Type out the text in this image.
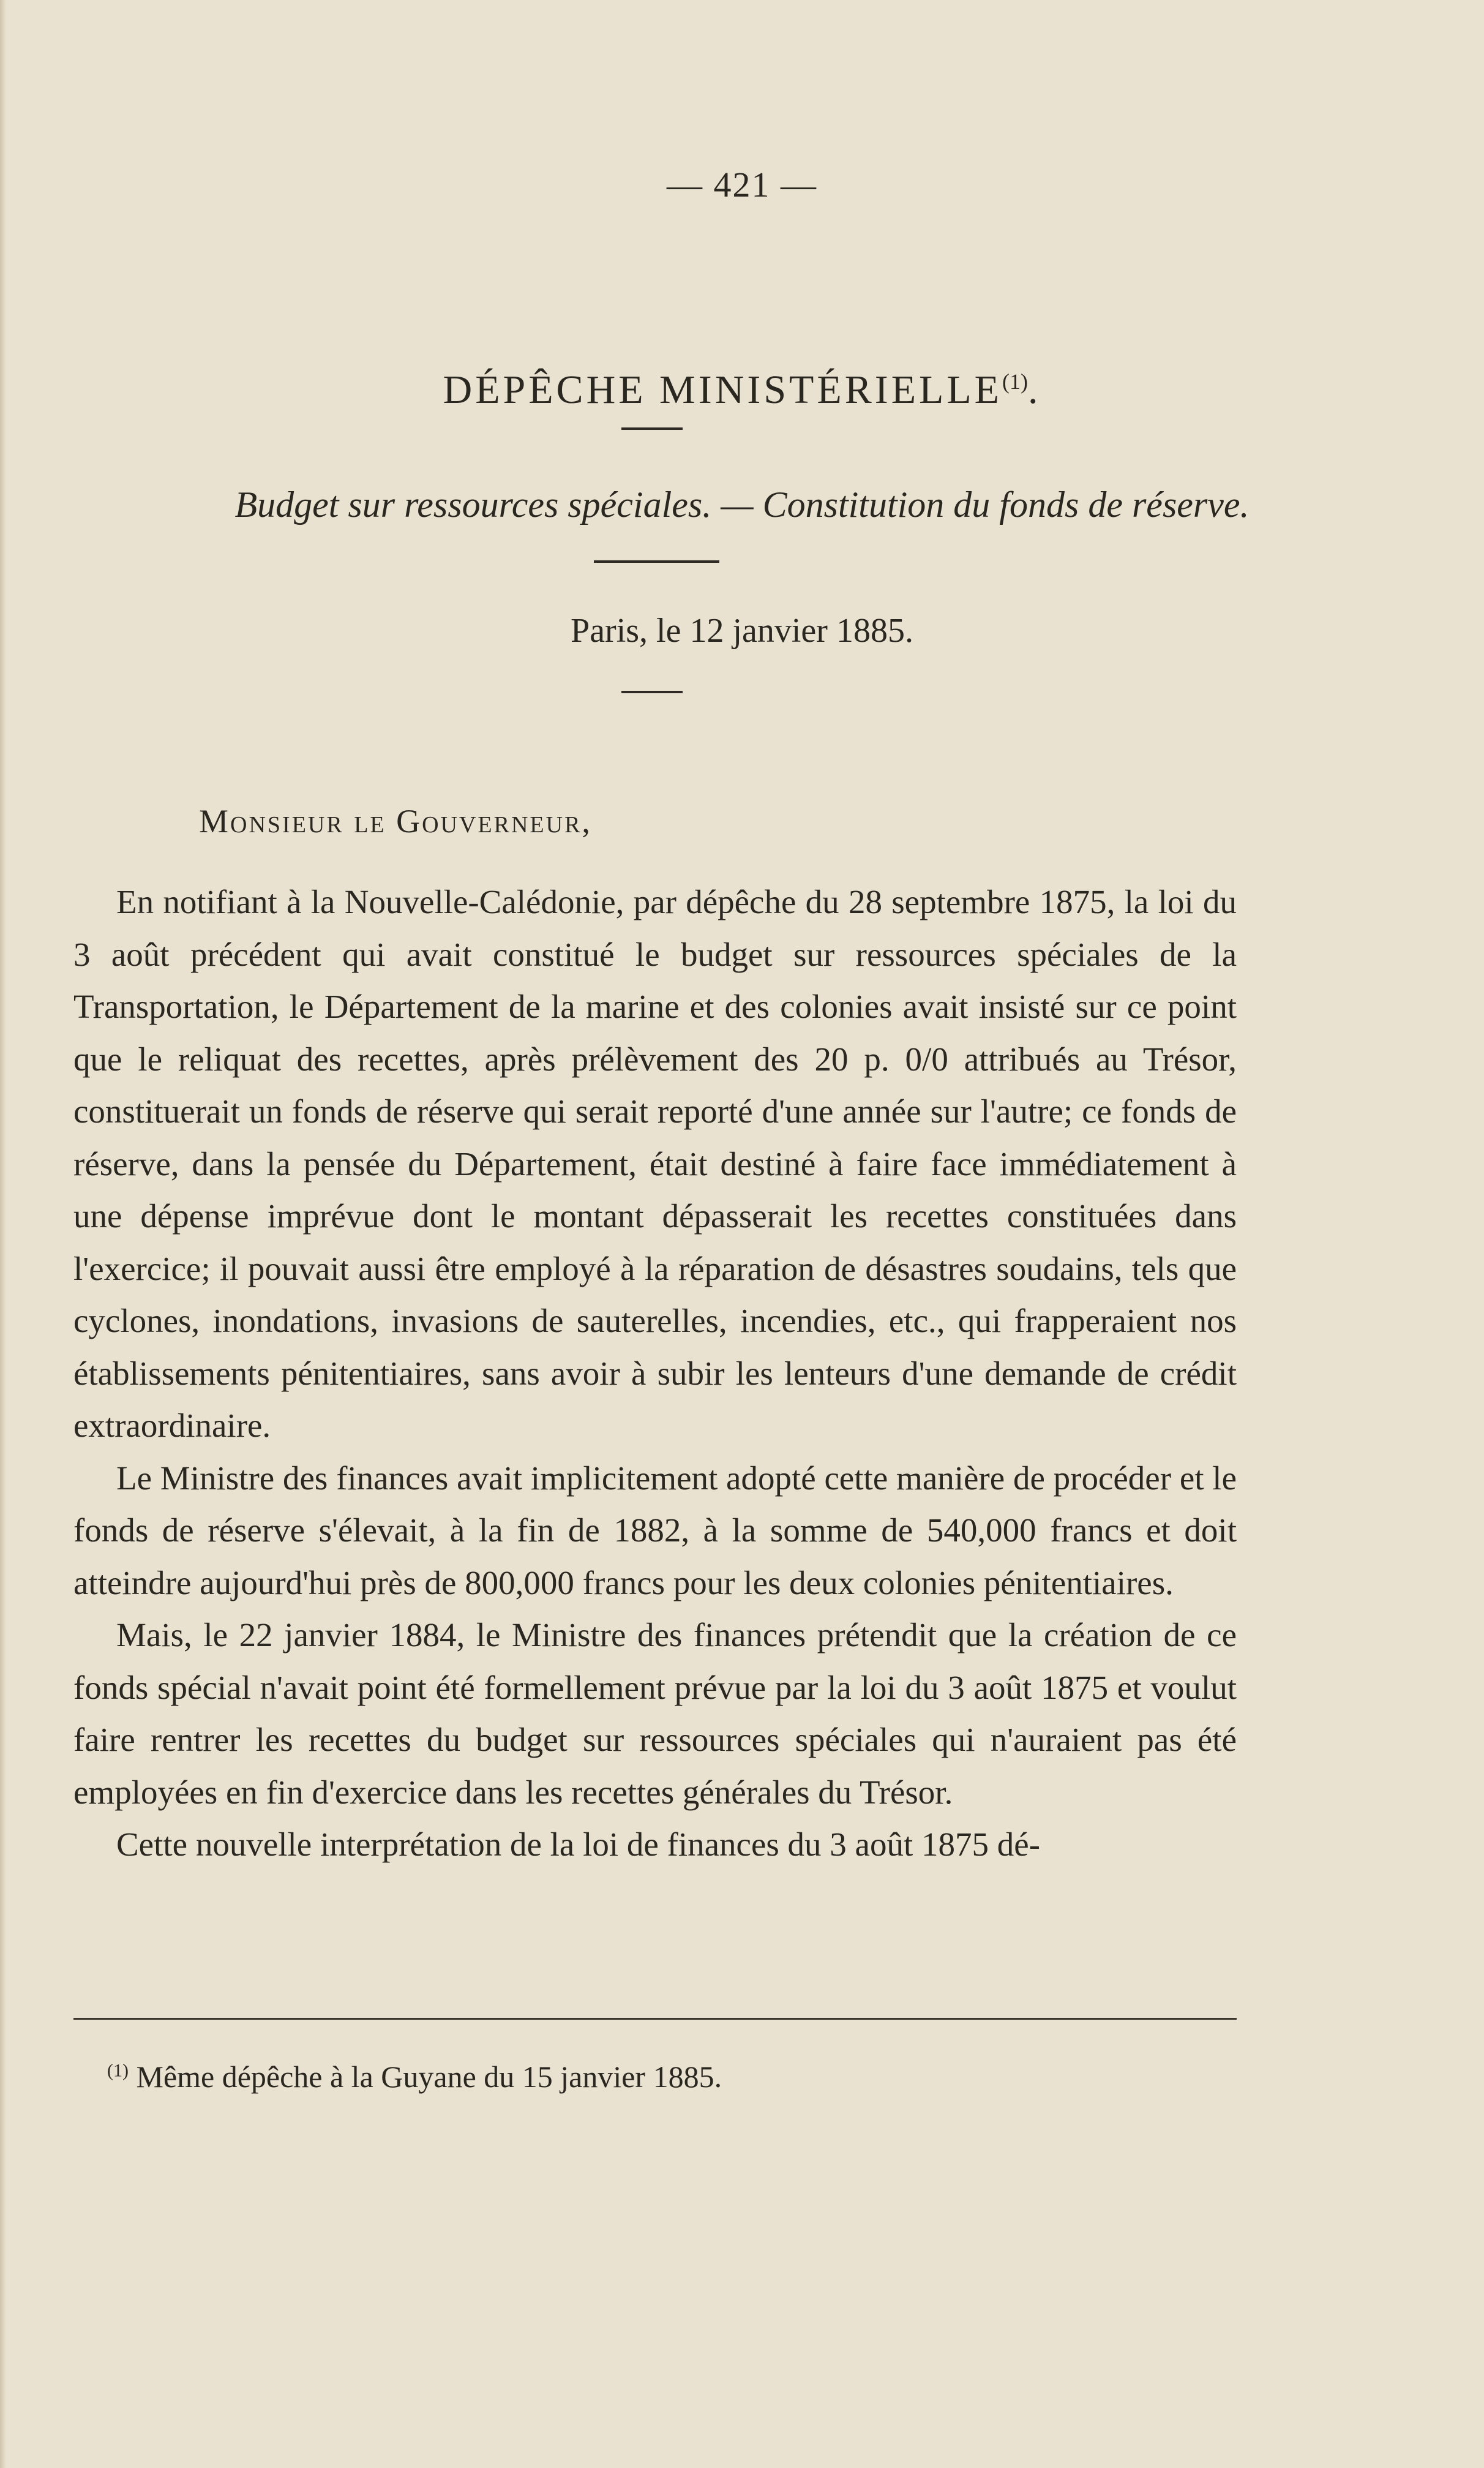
— 421 —
DÉPÊCHE MINISTÉRIELLE$^{(1)}$.
Budget sur ressources spéciales. — Constitution du fonds de réserve.
Paris, le 12 janvier 1885.
Monsieur le Gouverneur,

En notifiant à la Nouvelle-Calédonie, par dépêche du 28 septembre 1875, la loi du 3 août précédent qui avait constitué le budget sur ressources spéciales de la Transportation, le Département de la marine et des colonies avait insisté sur ce point que le reliquat des recettes, après prélèvement des 20 p. 0/0 attribués au Trésor, constituerait un fonds de réserve qui serait reporté d'une année sur l'autre; ce fonds de réserve, dans la pensée du Département, était destiné à faire face immédiatement à une dépense imprévue dont le montant dépasserait les recettes constituées dans l'exercice; il pouvait aussi être employé à la réparation de désastres soudains, tels que cyclones, inondations, invasions de sauterelles, incendies, etc., qui frapperaient nos établissements pénitentiaires, sans avoir à subir les lenteurs d'une demande de crédit extraordinaire.

Le Ministre des finances avait implicitement adopté cette manière de procéder et le fonds de réserve s'élevait, à la fin de 1882, à la somme de 540,000 francs et doit atteindre aujourd'hui près de 800,000 francs pour les deux colonies pénitentiaires.

Mais, le 22 janvier 1884, le Ministre des finances prétendit que la création de ce fonds spécial n'avait point été formellement prévue par la loi du 3 août 1875 et voulut faire rentrer les recettes du budget sur ressources spéciales qui n'auraient pas été employées en fin d'exercice dans les recettes générales du Trésor.

Cette nouvelle interprétation de la loi de finances du 3 août 1875 dé-

$^{(1)}$ Même dépêche à la Guyane du 15 janvier 1885.
